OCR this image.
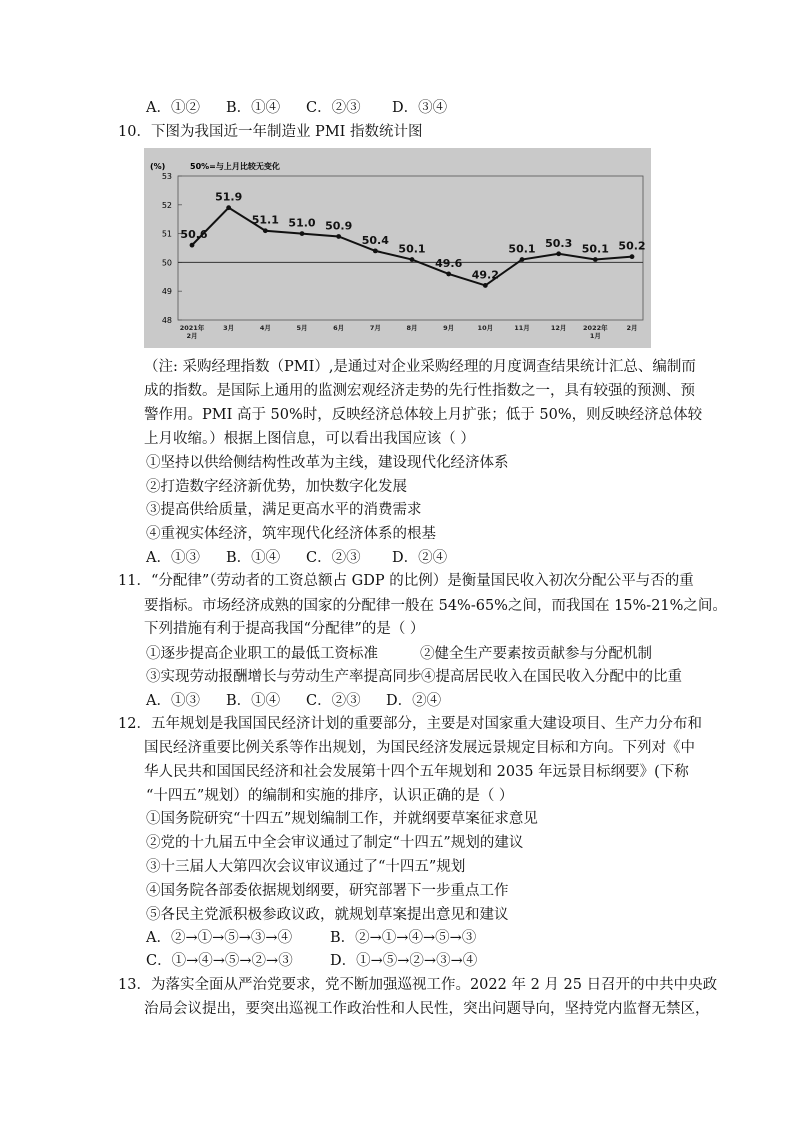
A．①② B．①④ C．②③ D．③④
10．下图为我国近一年制造业 PMI 指数统计图
(%)	50%=与上月比较无变化
48
49
50
51
52
53
50.6
51.9
51.1 51.0 50.9
50.4
50.1
49.6
49.2
50.1 50.3 50.1 50.2
2021年
2月
3月	4月	5月	6月	7月	8月	9月	10月	11月	12月	2022年
1月
2月
（注: 采购经理指数（PMI）,是通过对企业采购经理的月度调查结果统计汇总、编制而
成的指数。是国际上通用的监测宏观经济走势的先行性指数之一，具有较强的预测、预
警作用。PMI 高于 50%时，反映经济总体较上月扩张；低于 50%，则反映经济总体较
上月收缩。）根据上图信息，可以看出我国应该（ ）
①坚持以供给侧结构性改革为主线，建设现代化经济体系
②打造数字经济新优势，加快数字化发展
③提高供给质量，满足更高水平的消费需求
④重视实体经济，筑牢现代化经济体系的根基
A．①③ B．①④ C．②③ D．②④
11．“分配律”（劳动者的工资总额占 GDP 的比例）是衡量国民收入初次分配公平与否的重
要指标。市场经济成熟的国家的分配律一般在 54%-65%之间，而我国在 15%-21%之间。
下列措施有利于提高我国“分配律”的是（ ）
①逐步提高企业职工的最低工资标准	②健全生产要素按贡献参与分配机制
③实现劳动报酬增长与劳动生产率提高同步 ④提高居民收入在国民收入分配中的比重
A．①③ B．①④ C．②③ D．②④
12．五年规划是我国国民经济计划的重要部分，主要是对国家重大建设项目、生产力分布和
国民经济重要比例关系等作出规划，为国民经济发展远景规定目标和方向。下列对《中
华人民共和国国民经济和社会发展第十四个五年规划和 2035 年远景目标纲要》(下称
“十四五”规划）的编制和实施的排序，认识正确的是（ ）
①国务院研究“十四五”规划编制工作，并就纲要草案征求意见
②党的十九届五中全会审议通过了制定“十四五”规划的建议
③十三届人大第四次会议审议通过了“十四五”规划
④国务院各部委依据规划纲要，研究部署下一步重点工作
⑤各民主党派积极参政议政，就规划草案提出意见和建议
A．②→①→⑤→③→④	B．②→①→④→⑤→③
C．①→④→⑤→②→③	D．①→⑤→②→③→④
13．为落实全面从严治党要求，党不断加强巡视工作。2022 年 2 月 25 日召开的中共中央政
治局会议提出，要突出巡视工作政治性和人民性，突出问题导向，坚持党内监督无禁区，
